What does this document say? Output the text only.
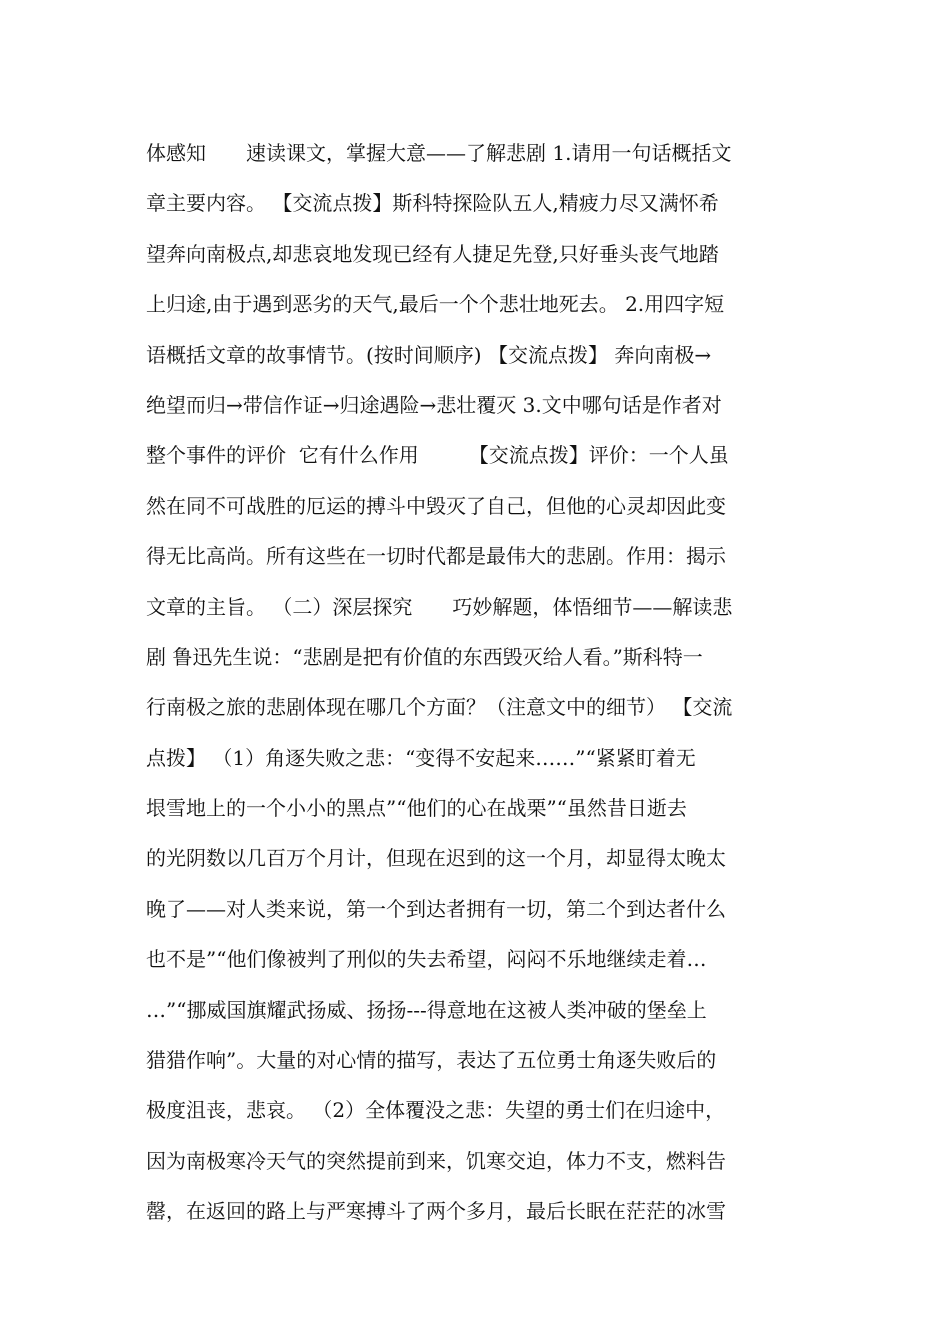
体感知　　速读课文，掌握大意——了解悲剧 1.请用一句话概括文
章主要内容。 【交流点拨】斯科特探险队五人,精疲力尽又满怀希
望奔向南极点,却悲哀地发现已经有人捷足先登,只好垂头丧气地踏
上归途,由于遇到恶劣的天气,最后一个个悲壮地死去。 2.用四字短
语概括文章的故事情节。(按时间顺序) 【交流点拨】 奔向南极→
绝望而归→带信作证→归途遇险→悲壮覆灭 3.文中哪句话是作者对
整个事件的评价  它有什么作用　　　【交流点拨】评价：一个人虽
然在同不可战胜的厄运的搏斗中毁灭了自己，但他的心灵却因此变
得无比高尚。所有这些在一切时代都是最伟大的悲剧。作用：揭示
文章的主旨。 （二）深层探究　　巧妙解题，体悟细节——解读悲
剧 鲁迅先生说：“悲剧是把有价值的东西毁灭给人看。”斯科特一
行南极之旅的悲剧体现在哪几个方面？（注意文中的细节） 【交流
点拨】 （1）角逐失败之悲：“变得不安起来……”“紧紧盯着无
垠雪地上的一个小小的黑点”“他们的心在战栗”“虽然昔日逝去
的光阴数以几百万个月计，但现在迟到的这一个月，却显得太晚太
晚了——对人类来说，第一个到达者拥有一切，第二个到达者什么
也不是”“他们像被判了刑似的失去希望，闷闷不乐地继续走着…
…”“挪威国旗耀武扬威、扬扬---得意地在这被人类冲破的堡垒上
猎猎作响”。大量的对心情的描写，表达了五位勇士角逐失败后的
极度沮丧，悲哀。 （2）全体覆没之悲：失望的勇士们在归途中，
因为南极寒冷天气的突然提前到来，饥寒交迫，体力不支，燃料告
罄，在返回的路上与严寒搏斗了两个多月，最后长眠在茫茫的冰雪
